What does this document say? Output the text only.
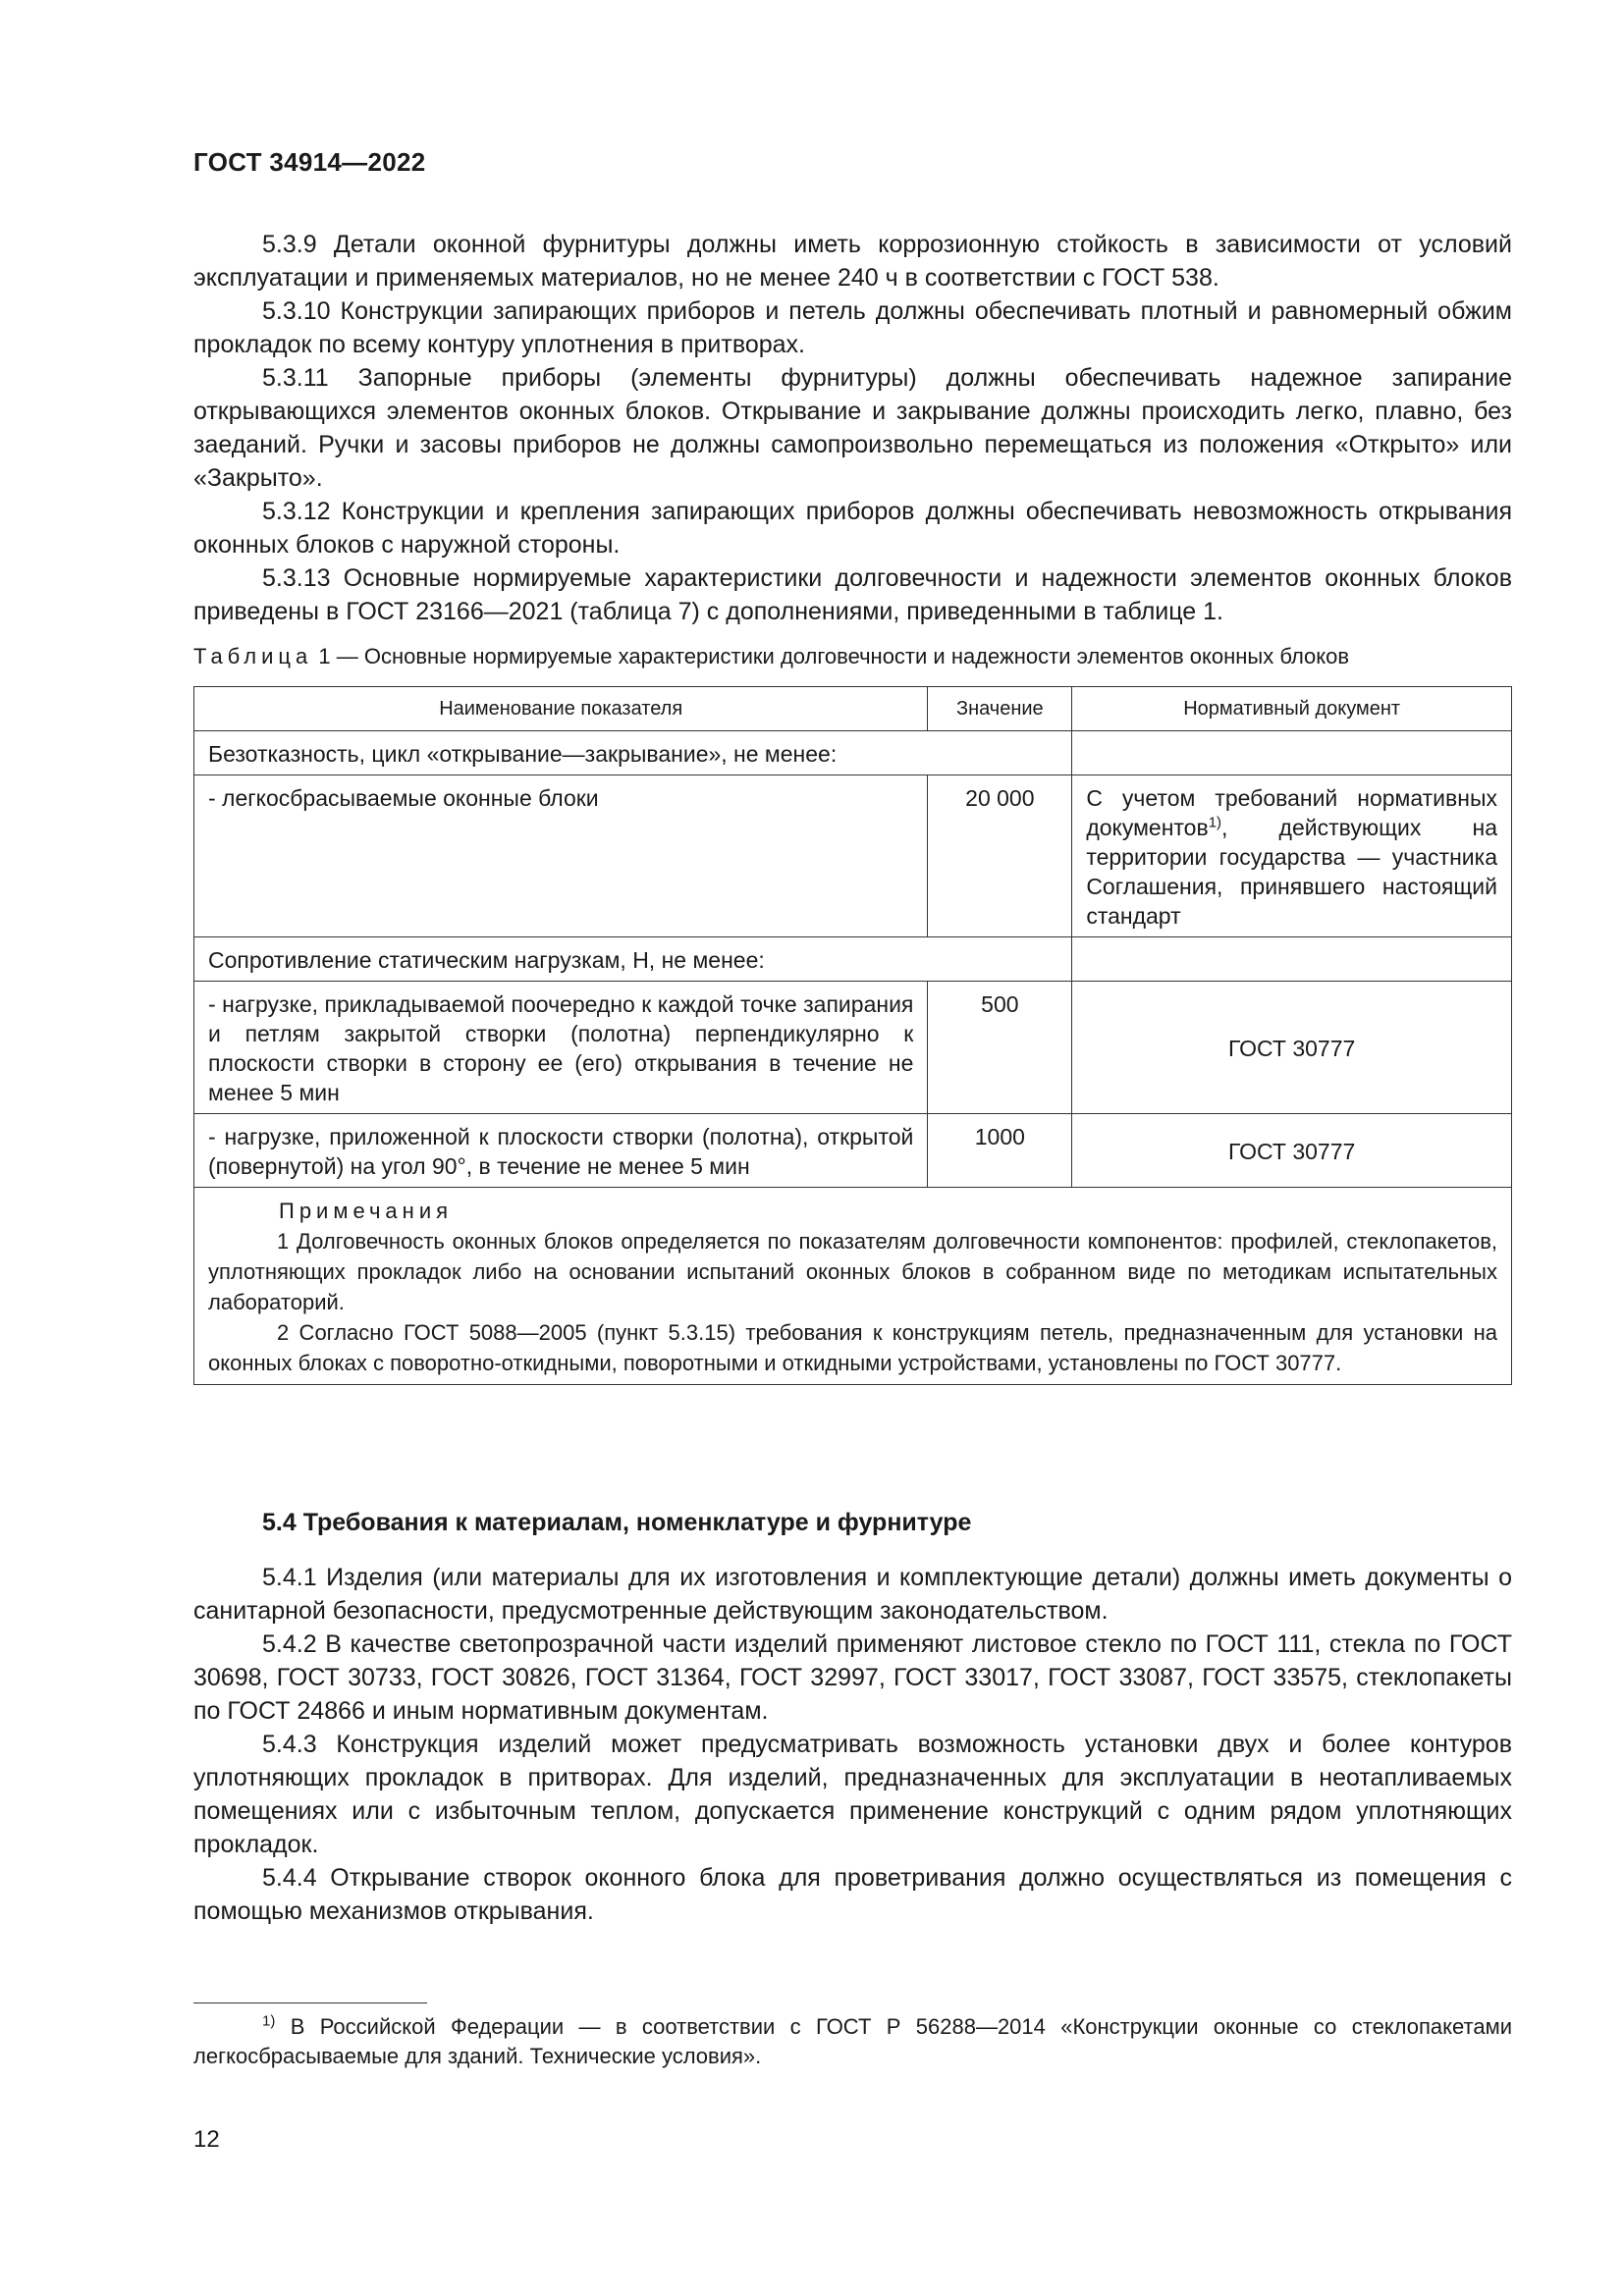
ГОСТ 34914—2022

5.3.9 Детали оконной фурнитуры должны иметь коррозионную стойкость в зависимости от условий эксплуатации и применяемых материалов, но не менее 240 ч в соответствии с ГОСТ 538.

5.3.10 Конструкции запирающих приборов и петель должны обеспечивать плотный и равномерный обжим прокладок по всему контуру уплотнения в притворах.

5.3.11 Запорные приборы (элементы фурнитуры) должны обеспечивать надежное запирание открывающихся элементов оконных блоков. Открывание и закрывание должны происходить легко, плавно, без заеданий. Ручки и засовы приборов не должны самопроизвольно перемещаться из положения «Открыто» или «Закрыто».

5.3.12 Конструкции и крепления запирающих приборов должны обеспечивать невозможность открывания оконных блоков с наружной стороны.

5.3.13 Основные нормируемые характеристики долговечности и надежности элементов оконных блоков приведены в ГОСТ 23166—2021 (таблица 7) с дополнениями, приведенными в таблице 1.

Таблица 1 — Основные нормируемые характеристики долговечности и надежности элементов оконных блоков
Наименование показателя	Значение	Нормативный документ
Безотказность, цикл «открывание—закрывание», не менее:		
- легкосбрасываемые оконные блоки	20 000	С учетом требований нормативных документов$^{1)}$, действующих на территории государства — участника Соглашения, принявшего настоящий стандарт
Сопротивление статическим нагрузкам, Н, не менее:		
- нагрузке, прикладываемой поочередно к каждой точке запирания и петлям закрытой створки (полотна) перпендикулярно к плоскости створки в сторону ее (его) открывания в течение не менее 5 мин	500	ГОСТ 30777
- нагрузке, приложенной к плоскости створки (полотна), открытой (повернутой) на угол 90°, в течение не менее 5 мин	1000	ГОСТ 30777

Примечания

1 Долговечность оконных блоков определяется по показателям долговечности компонентов: профилей, стеклопакетов, уплотняющих прокладок либо на основании испытаний оконных блоков в собранном виде по методикам испытательных лабораторий.

2 Согласно ГОСТ 5088—2005 (пункт 5.3.15) требования к конструкциям петель, предназначенным для установки на оконных блоках с поворотно-откидными, поворотными и откидными устройствами, установлены по ГОСТ 30777.		

5.4 Требования к материалам, номенклатуре и фурнитуре

5.4.1 Изделия (или материалы для их изготовления и комплектующие детали) должны иметь документы о санитарной безопасности, предусмотренные действующим законодательством.

5.4.2 В качестве светопрозрачной части изделий применяют листовое стекло по ГОСТ 111, стекла по ГОСТ 30698, ГОСТ 30733, ГОСТ 30826, ГОСТ 31364, ГОСТ 32997, ГОСТ 33017, ГОСТ 33087, ГОСТ 33575, стеклопакеты по ГОСТ 24866 и иным нормативным документам.

5.4.3 Конструкция изделий может предусматривать возможность установки двух и более контуров уплотняющих прокладок в притворах. Для изделий, предназначенных для эксплуатации в неотапливаемых помещениях или с избыточным теплом, допускается применение конструкций с одним рядом уплотняющих прокладок.

5.4.4 Открывание створок оконного блока для проветривания должно осуществляться из помещения с помощью механизмов открывания.

$^{1)}$ В Российской Федерации — в соответствии с ГОСТ Р 56288—2014 «Конструкции оконные со стеклопакетами легкосбрасываемые для зданий. Технические условия».
12
